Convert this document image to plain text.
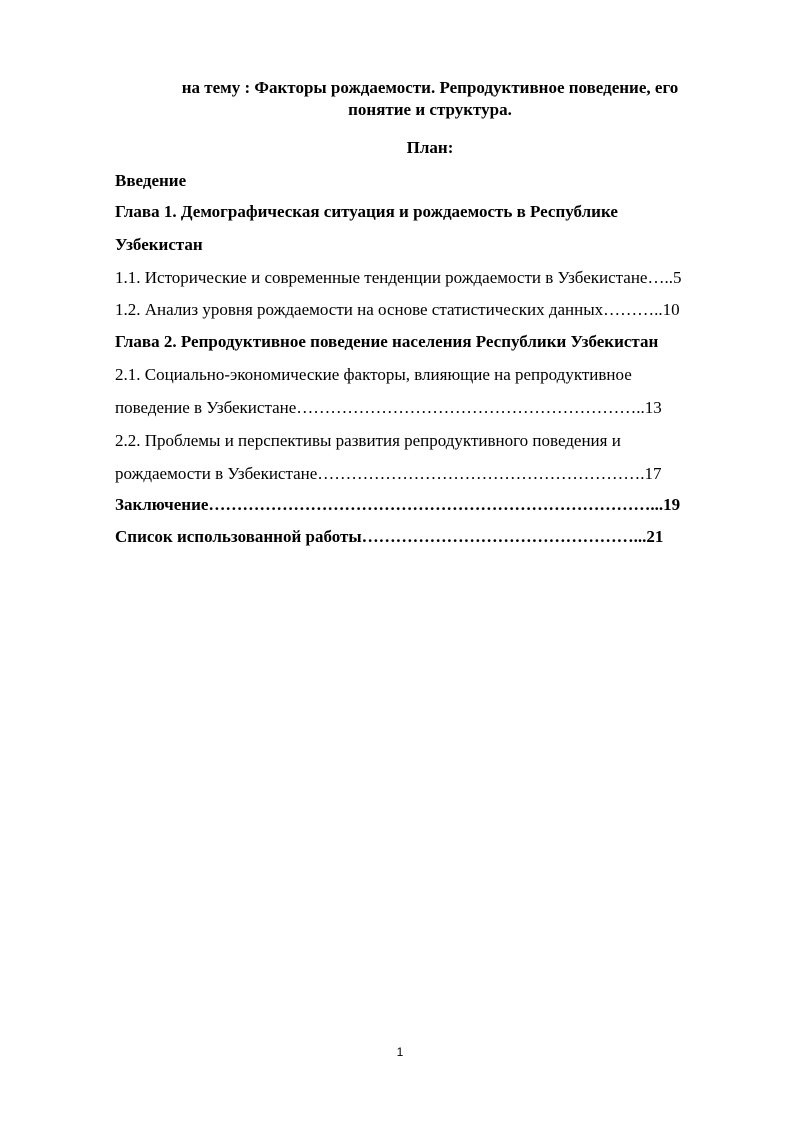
на тему : Факторы рождаемости. Репродуктивное поведение, его
понятие и структура.
План:
Введение
Глава 1. Демографическая ситуация и рождаемость в Республике
Узбекистан
1.1. Исторические и современные тенденции рождаемости в Узбекистане…..5
1.2. Анализ уровня рождаемости на основе статистических данных………..10
Глава 2. Репродуктивное поведение населения Республики Узбекистан
2.1. Социально-экономические факторы, влияющие на репродуктивное
поведение в Узбекистане……………………………………………………..13
2.2. Проблемы и перспективы развития репродуктивного поведения и
рождаемости в Узбекистане………………………………………………….17
Заключение……………………………………………………………………...19
Список использованной работы…………………………………………...21
1
